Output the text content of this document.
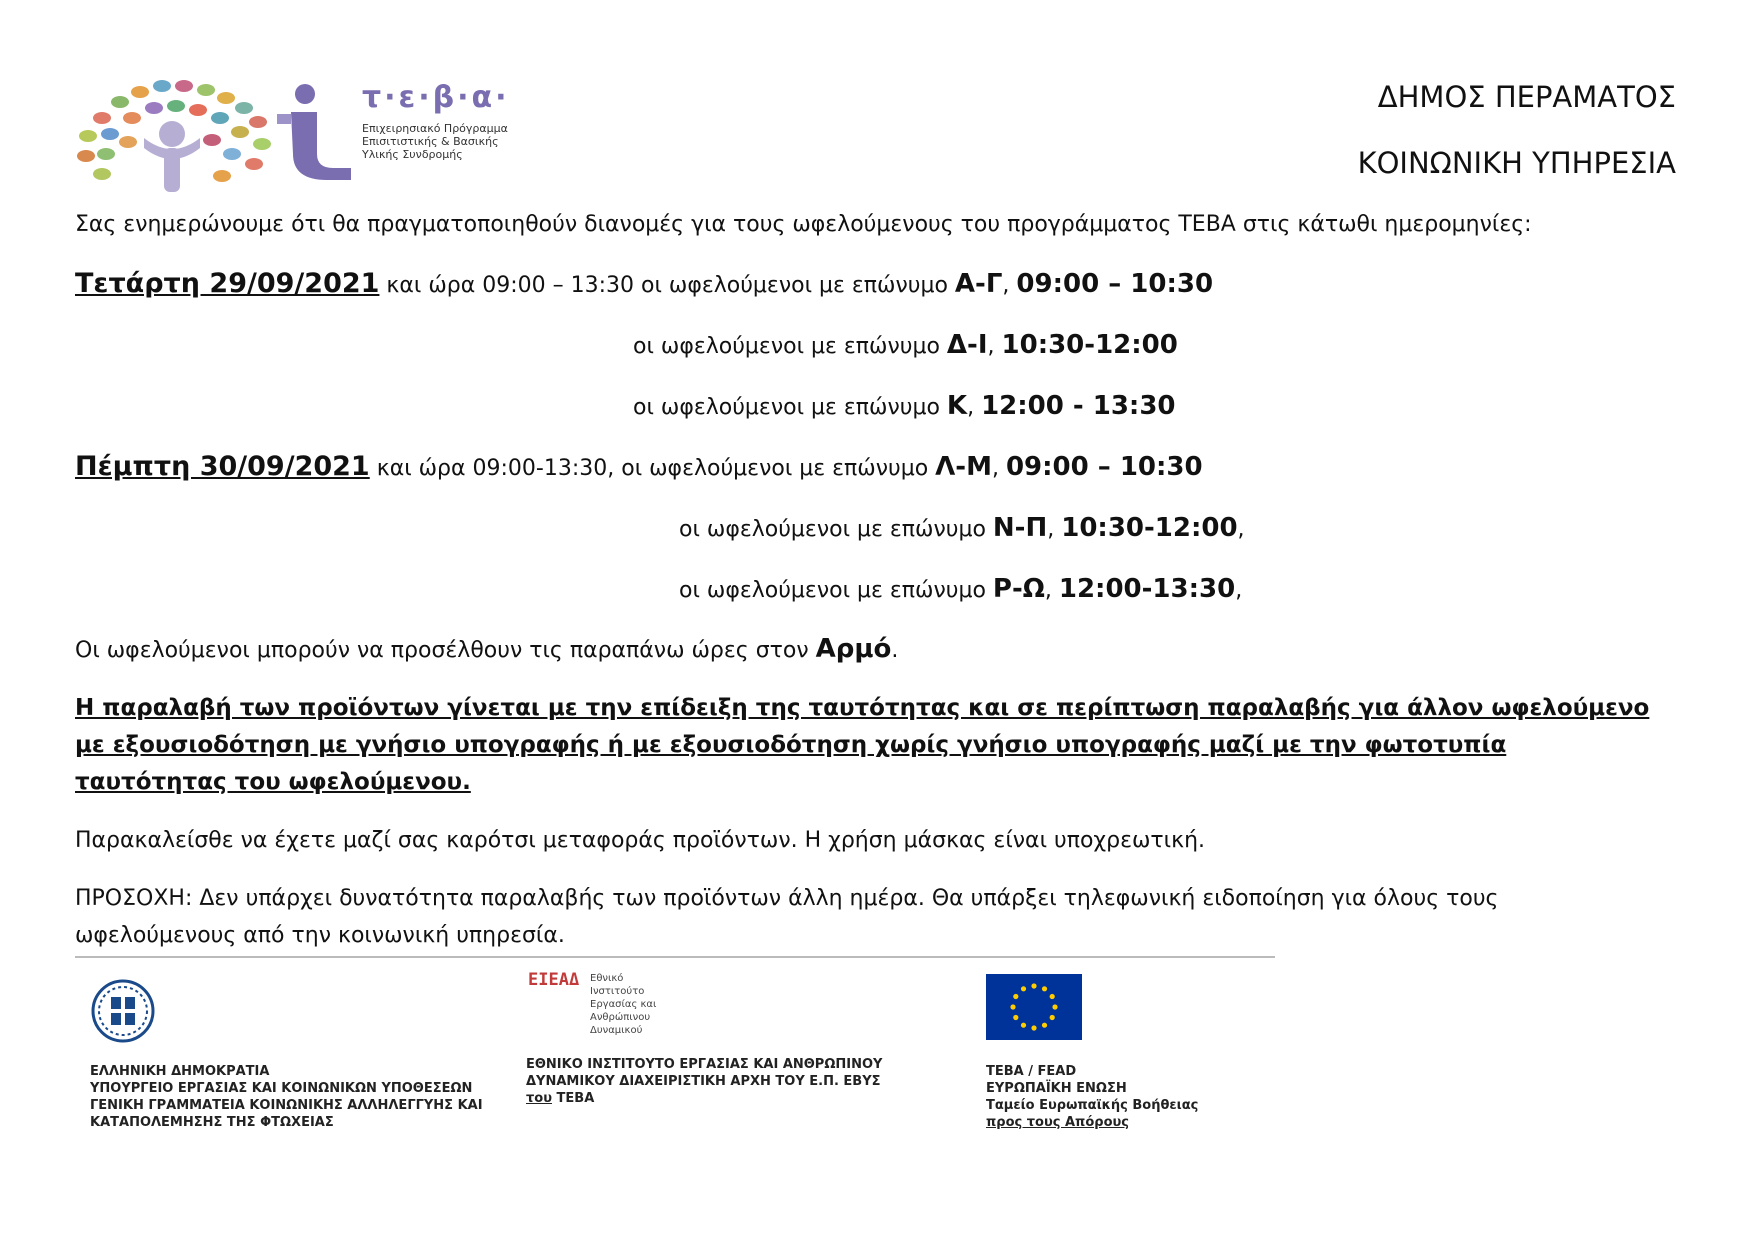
τ·ε·β·α·
Επιχειρησιακό Πρόγραμμα
Επισιτιστικής & Βασικής
Υλικής Συνδρομής
ΔΗΜΟΣ ΠΕΡΑΜΑΤΟΣ
ΚΟΙΝΩΝΙΚΗ ΥΠΗΡΕΣΙΑ
Σας ενημερώνουμε ότι θα πραγματοποιηθούν διανομές για τους ωφελούμενους του προγράμματος ΤΕΒΑ στις κάτωθι ημερομηνίες:
Τετάρτη 29/09/2021 και ώρα 09:00 – 13:30 οι ωφελούμενοι με επώνυμο Α-Γ, 09:00 – 10:30
οι ωφελούμενοι με επώνυμο Δ-Ι, 10:30-12:00
οι ωφελούμενοι με επώνυμο Κ, 12:00 - 13:30
Πέμπτη 30/09/2021 και ώρα 09:00-13:30, οι ωφελούμενοι με επώνυμο Λ-Μ, 09:00 – 10:30
οι ωφελούμενοι με επώνυμο Ν-Π, 10:30-12:00,
οι ωφελούμενοι με επώνυμο Ρ-Ω, 12:00-13:30,
Οι ωφελούμενοι μπορούν να προσέλθουν τις παραπάνω ώρες στον Αρμό.
Η παραλαβή των προϊόντων γίνεται με την επίδειξη της ταυτότητας και σε περίπτωση παραλαβής για άλλον ωφελούμενο με εξουσιοδότηση με γνήσιο υπογραφής ή με εξουσιοδότηση χωρίς γνήσιο υπογραφής μαζί με την φωτοτυπία ταυτότητας του ωφελούμενου.
Παρακαλείσθε να έχετε μαζί σας καρότσι μεταφοράς προϊόντων. Η χρήση μάσκας είναι υποχρεωτική.
ΠΡΟΣΟΧΗ: Δεν υπάρχει δυνατότητα παραλαβής των προϊόντων άλλη ημέρα. Θα υπάρξει τηλεφωνική ειδοποίηση για όλους τους ωφελούμενους από την κοινωνική υπηρεσία.
ΕΛΛΗΝΙΚΗ ΔΗΜΟΚΡΑΤΙΑ
ΥΠΟΥΡΓΕΙΟ ΕΡΓΑΣΙΑΣ ΚΑΙ ΚΟΙΝΩΝΙΚΩΝ ΥΠΟΘΕΣΕΩΝ
ΓΕΝΙΚΗ ΓΡΑΜΜΑΤΕΙΑ ΚΟΙΝΩΝΙΚΗΣ ΑΛΛΗΛΕΓΓΥΗΣ ΚΑΙ
ΚΑΤΑΠΟΛΕΜΗΣΗΣ ΤΗΣ ΦΤΩΧΕΙΑΣ
ΕΙΕΑΔ Εθνικό
Ινστιτούτο
Εργασίας και
Ανθρώπινου
Δυναμικού
ΕΘΝΙΚΟ ΙΝΣΤΙΤΟΥΤΟ ΕΡΓΑΣΙΑΣ ΚΑΙ ΑΝΘΡΩΠΙΝΟΥ
ΔΥΝΑΜΙΚΟΥ ΔΙΑΧΕΙΡΙΣΤΙΚΗ ΑΡΧΗ ΤΟΥ Ε.Π. ΕΒΥΣ
του ΤΕΒΑ
ΤΕΒΑ / FEAD
ΕΥΡΩΠΑΪΚΗ ΕΝΩΣΗ
Ταμείο Ευρωπαϊκής Βοήθειας
προς τους Απόρους
